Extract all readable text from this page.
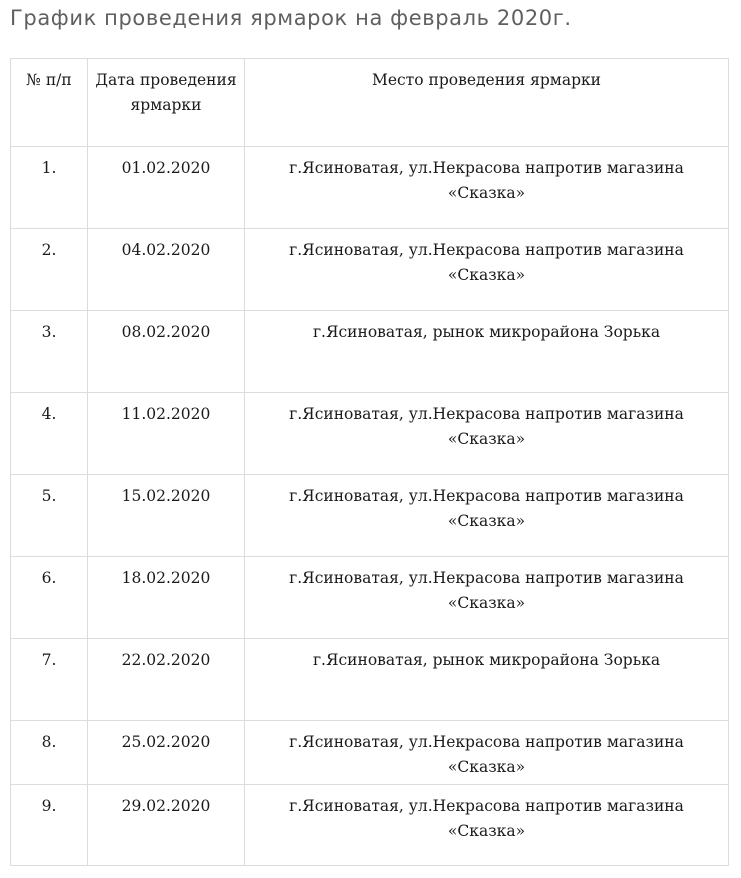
График проведения ярмарок на февраль 2020г.
№ п/п	Дата проведения ярмарки	Место проведения ярмарки
1.	01.02.2020	г.Ясиноватая, ул.Некрасова напротив магазина «Сказка»
2.	04.02.2020	г.Ясиноватая, ул.Некрасова напротив магазина «Сказка»
3.	08.02.2020	г.Ясиноватая, рынок микрорайона Зорька
4.	11.02.2020	г.Ясиноватая, ул.Некрасова напротив магазина «Сказка»
5.	15.02.2020	г.Ясиноватая, ул.Некрасова напротив магазина «Сказка»
6.	18.02.2020	г.Ясиноватая, ул.Некрасова напротив магазина «Сказка»
7.	22.02.2020	г.Ясиноватая, рынок микрорайона Зорька
8.	25.02.2020	г.Ясиноватая, ул.Некрасова напротив магазина «Сказка»
9.	29.02.2020	г.Ясиноватая, ул.Некрасова напротив магазина «Сказка»
